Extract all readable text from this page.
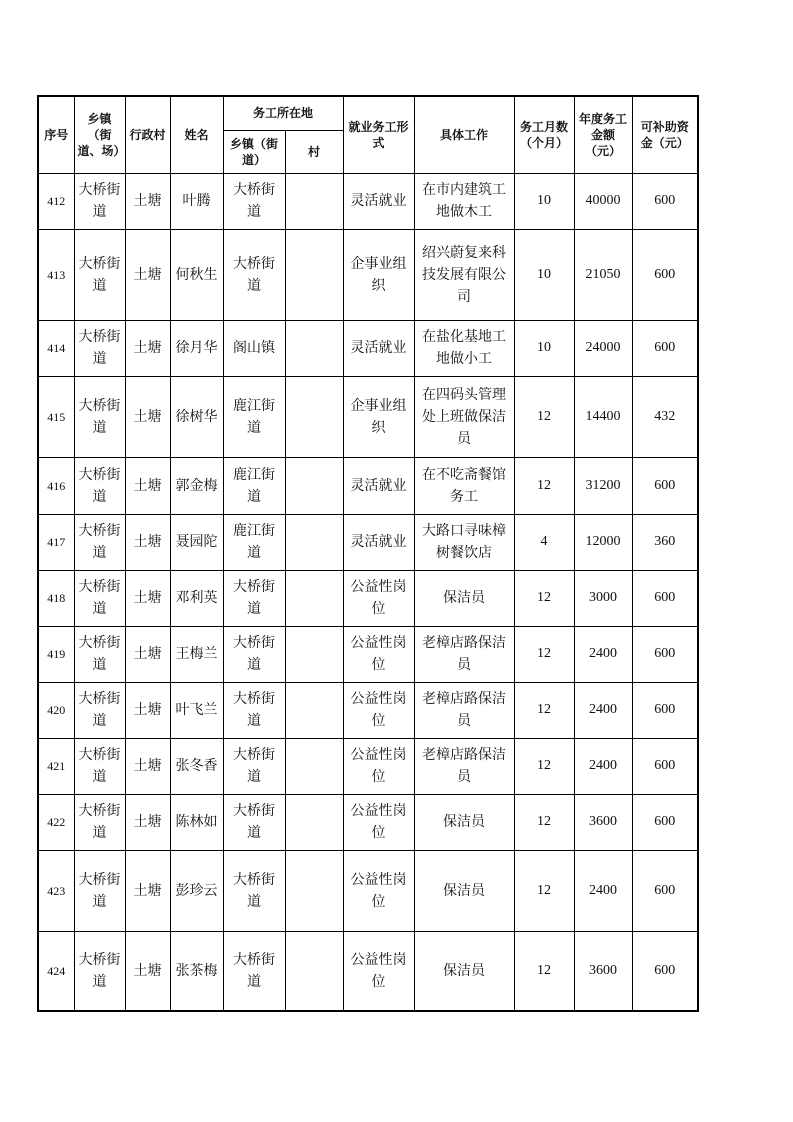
序号	乡镇（街道、场）	行政村	姓名	务工所在地		就业务工形式	具体工作	务工月数（个月）	年度务工金额（元）	可补助资金（元）
				乡镇（街道）	村					
412	大桥街道	土塘	叶腾	大桥街道		灵活就业	在市内建筑工地做木工	10	40000	600
413	大桥街道	土塘	何秋生	大桥街道		企事业组织	绍兴蔚复来科技发展有限公司	10	21050	600
414	大桥街道	土塘	徐月华	阁山镇		灵活就业	在盐化基地工地做小工	10	24000	600
415	大桥街道	土塘	徐树华	鹿江街道		企事业组织	在四码头管理处上班做保洁员	12	14400	432
416	大桥街道	土塘	郭金梅	鹿江街道		灵活就业	在不吃斋餐馆务工	12	31200	600
417	大桥街道	土塘	聂园陀	鹿江街道		灵活就业	大路口寻味樟树餐饮店	4	12000	360
418	大桥街道	土塘	邓利英	大桥街道		公益性岗位	保洁员	12	3000	600
419	大桥街道	土塘	王梅兰	大桥街道		公益性岗位	老樟店路保洁员	12	2400	600
420	大桥街道	土塘	叶飞兰	大桥街道		公益性岗位	老樟店路保洁员	12	2400	600
421	大桥街道	土塘	张冬香	大桥街道		公益性岗位	老樟店路保洁员	12	2400	600
422	大桥街道	土塘	陈林如	大桥街道		公益性岗位	保洁员	12	3600	600
423	大桥街道	土塘	彭珍云	大桥街道		公益性岗位	保洁员	12	2400	600
424	大桥街道	土塘	张茶梅	大桥街道		公益性岗位	保洁员	12	3600	600
